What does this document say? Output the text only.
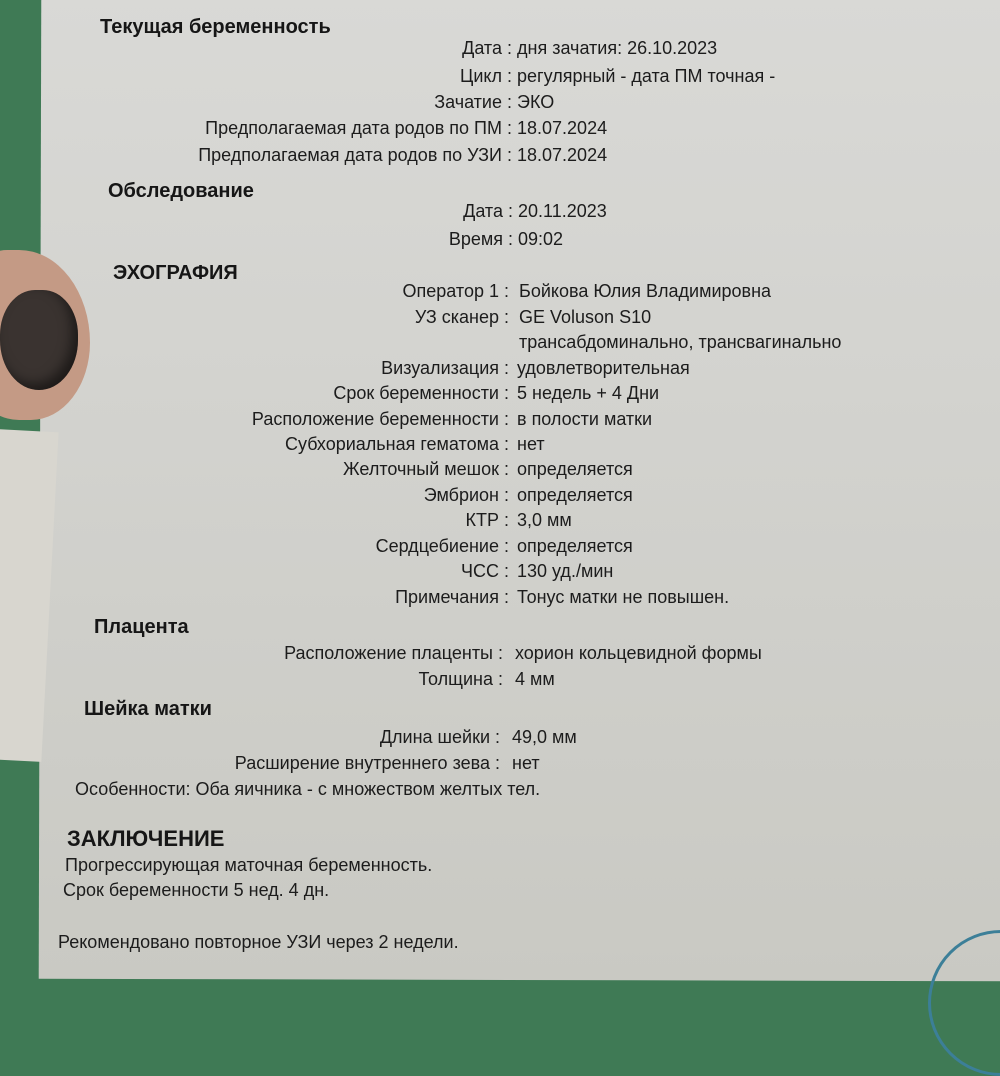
Текущая беременность
Дата : дня зачатия: 26.10.2023
Цикл : регулярный - дата ПМ точная -
Зачатие : ЭКО
Предполагаемая дата родов по ПМ : 18.07.2024
Предполагаемая дата родов по УЗИ : 18.07.2024
Обследование
Дата : 20.11.2023
Время : 09:02
ЭХОГРАФИЯ
Оператор 1 : Бойкова Юлия Владимировна
УЗ сканер : GE Voluson S10
трансабдоминально, трансвагинально
Визуализация : удовлетворительная
Срок беременности : 5 недель + 4 Дни
Расположение беременности : в полости матки
Субхориальная гематома : нет
Желточный мешок : определяется
Эмбрион : определяется
КТР : 3,0 мм
Сердцебиение : определяется
ЧСС : 130 уд./мин
Примечания : Тонус матки не повышен.
Плацента
Расположение плаценты : хорион кольцевидной формы
Толщина : 4 мм
Шейка матки
Длина шейки : 49,0 мм
Расширение внутреннего зева : нет
Особенности: Оба яичника - с множеством желтых тел.
ЗАКЛЮЧЕНИЕ
Прогрессирующая маточная беременность.
Срок беременности 5 нед. 4 дн.
Рекомендовано повторное УЗИ через 2 недели.
